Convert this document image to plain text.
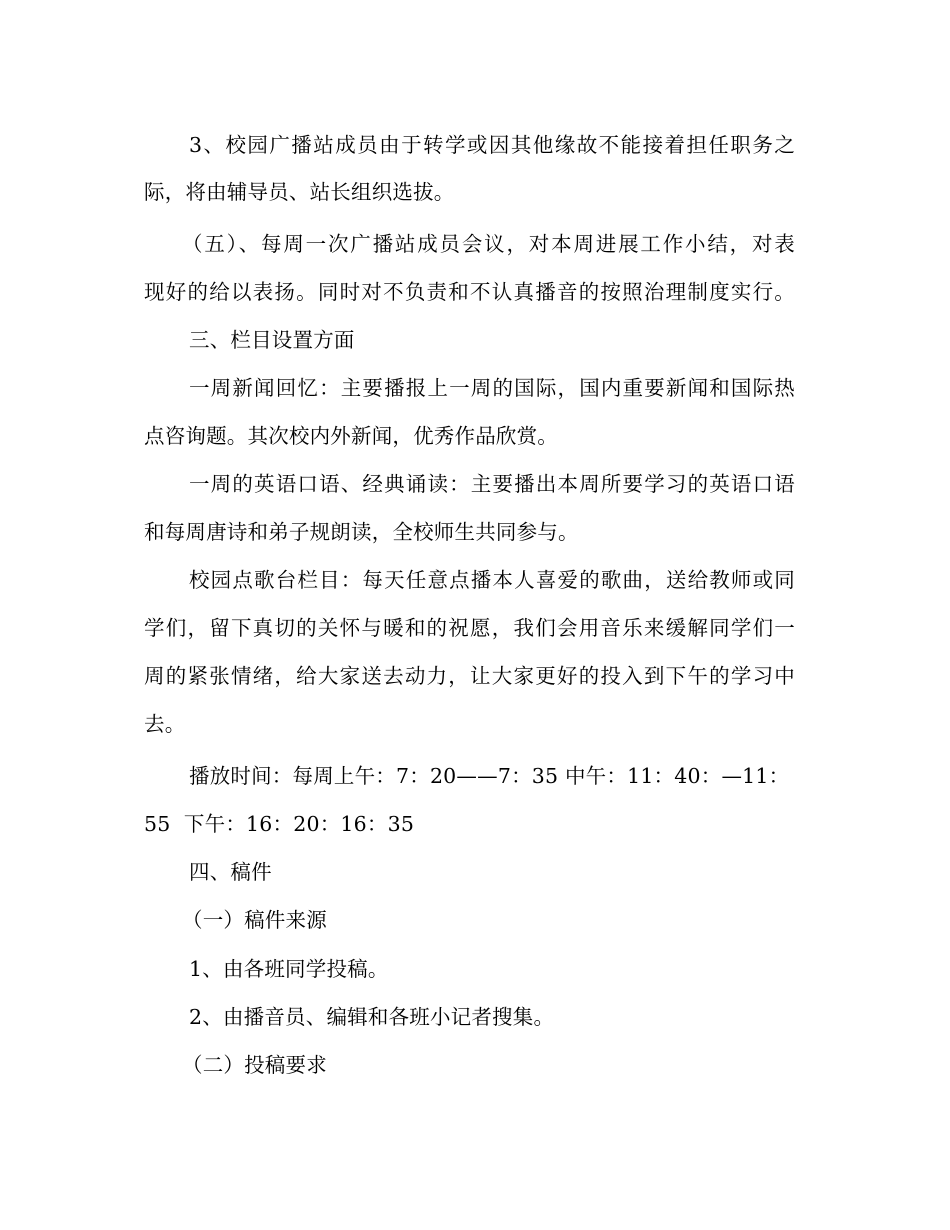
3、校园广播站成员由于转学或因其他缘故不能接着担任职务之
际，将由辅导员、站长组织选拔。
（五）、每周一次广播站成员会议，对本周进展工作小结，对表
现好的给以表扬。同时对不负责和不认真播音的按照治理制度实行。
三、栏目设置方面
一周新闻回忆：主要播报上一周的国际，国内重要新闻和国际热
点咨询题。其次校内外新闻，优秀作品欣赏。
一周的英语口语、经典诵读：主要播出本周所要学习的英语口语
和每周唐诗和弟子规朗读，全校师生共同参与。
校园点歌台栏目：每天任意点播本人喜爱的歌曲，送给教师或同
学们，留下真切的关怀与暖和的祝愿，我们会用音乐来缓解同学们一
周的紧张情绪，给大家送去动力，让大家更好的投入到下午的学习中
去。
播放时间：每周上午：7：20——7：35 中午：11：40：—11：
55  下午：16：20：16：35
四、稿件
（一）稿件来源
1、由各班同学投稿。
2、由播音员、编辑和各班小记者搜集。
（二）投稿要求
